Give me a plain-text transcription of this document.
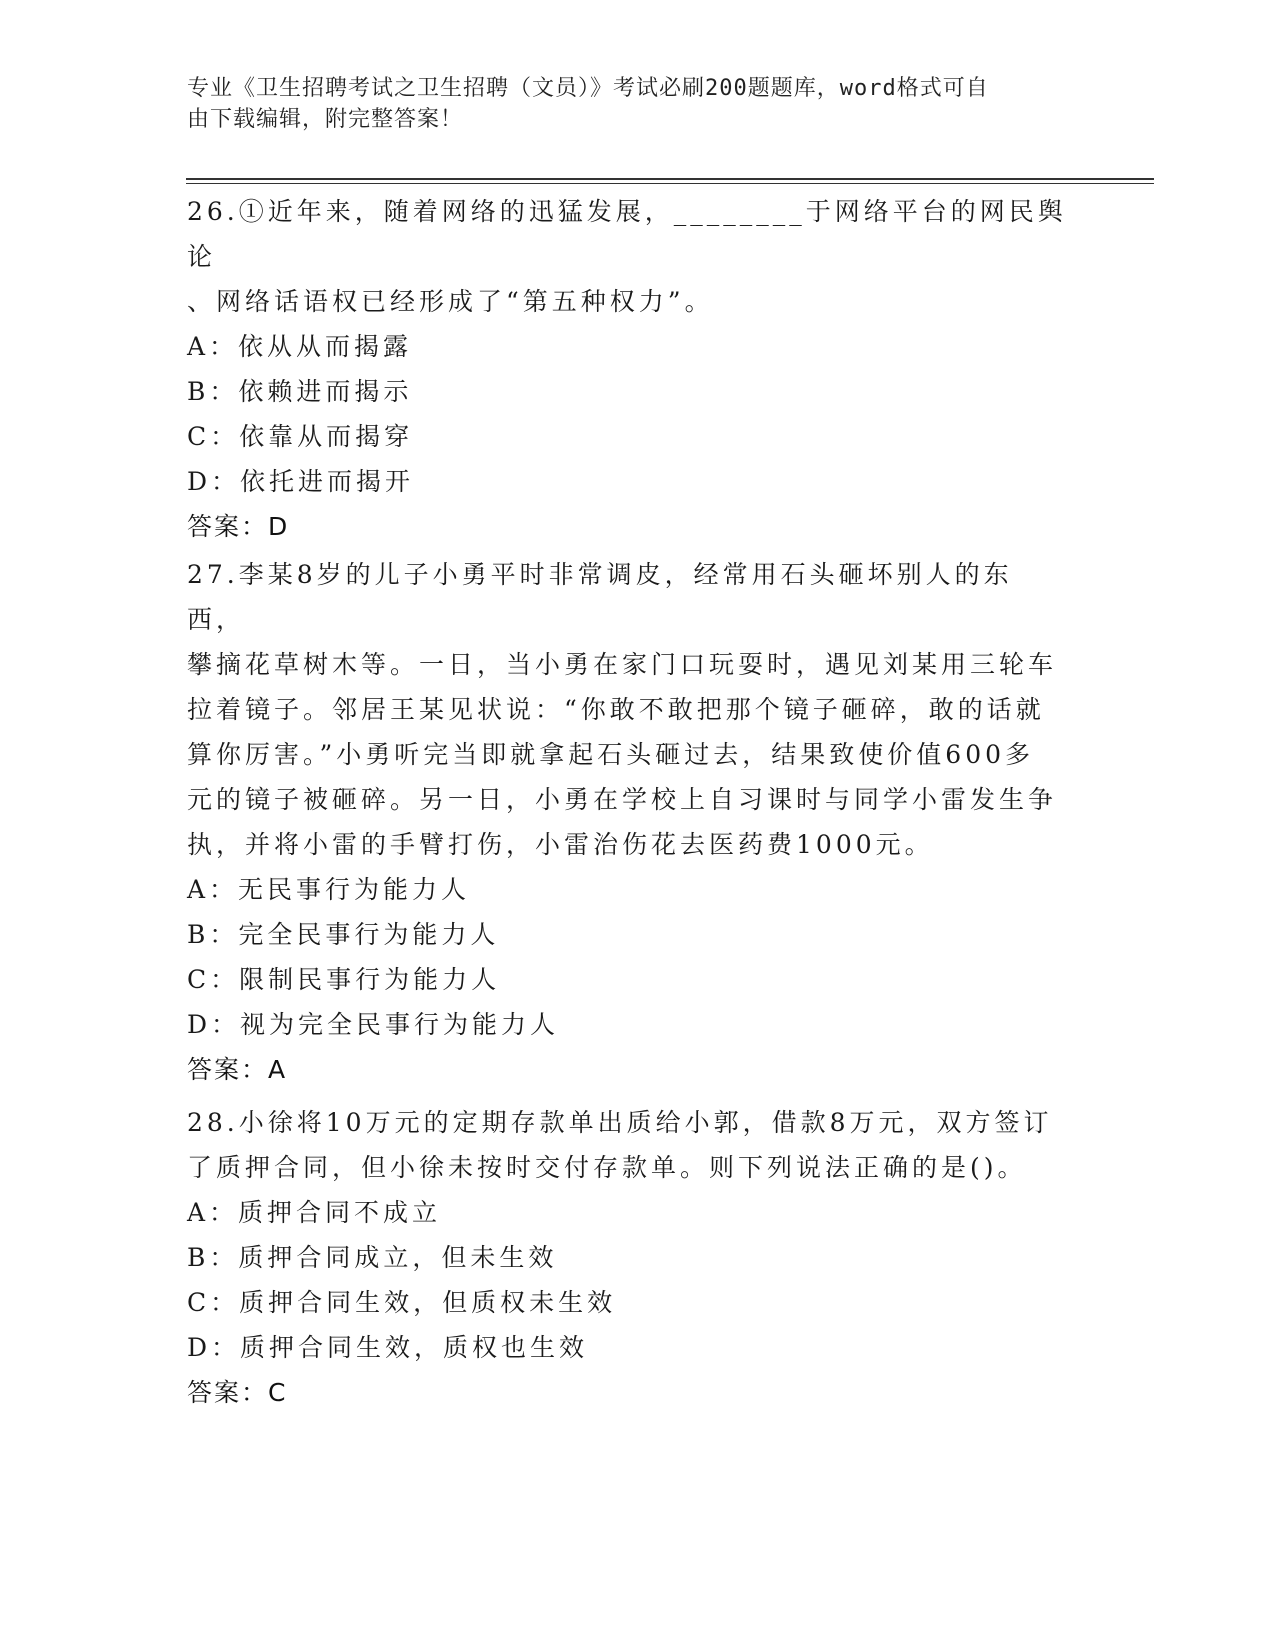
专业《卫生招聘考试之卫生招聘（文员）》考试必刷200题题库，word格式可自
由下载编辑，附完整答案！
26.①近年来，随着网络的迅猛发展，________于网络平台的网民舆论
、网络话语权已经形成了“第五种权力”。
A：依从从而揭露
B：依赖进而揭示
C：依靠从而揭穿
D：依托进而揭开
答案：D
27.李某8岁的儿子小勇平时非常调皮，经常用石头砸坏别人的东西，
攀摘花草树木等。一日，当小勇在家门口玩耍时，遇见刘某用三轮车
拉着镜子。邻居王某见状说：“你敢不敢把那个镜子砸碎，敢的话就
算你厉害。”小勇听完当即就拿起石头砸过去，结果致使价值600多
元的镜子被砸碎。另一日，小勇在学校上自习课时与同学小雷发生争
执，并将小雷的手臂打伤，小雷治伤花去医药费1000元。
A：无民事行为能力人
B：完全民事行为能力人
C：限制民事行为能力人
D：视为完全民事行为能力人
答案：A
28.小徐将10万元的定期存款单出质给小郭，借款8万元，双方签订
了质押合同，但小徐未按时交付存款单。则下列说法正确的是()。
A：质押合同不成立
B：质押合同成立，但未生效
C：质押合同生效，但质权未生效
D：质押合同生效，质权也生效
答案：C
